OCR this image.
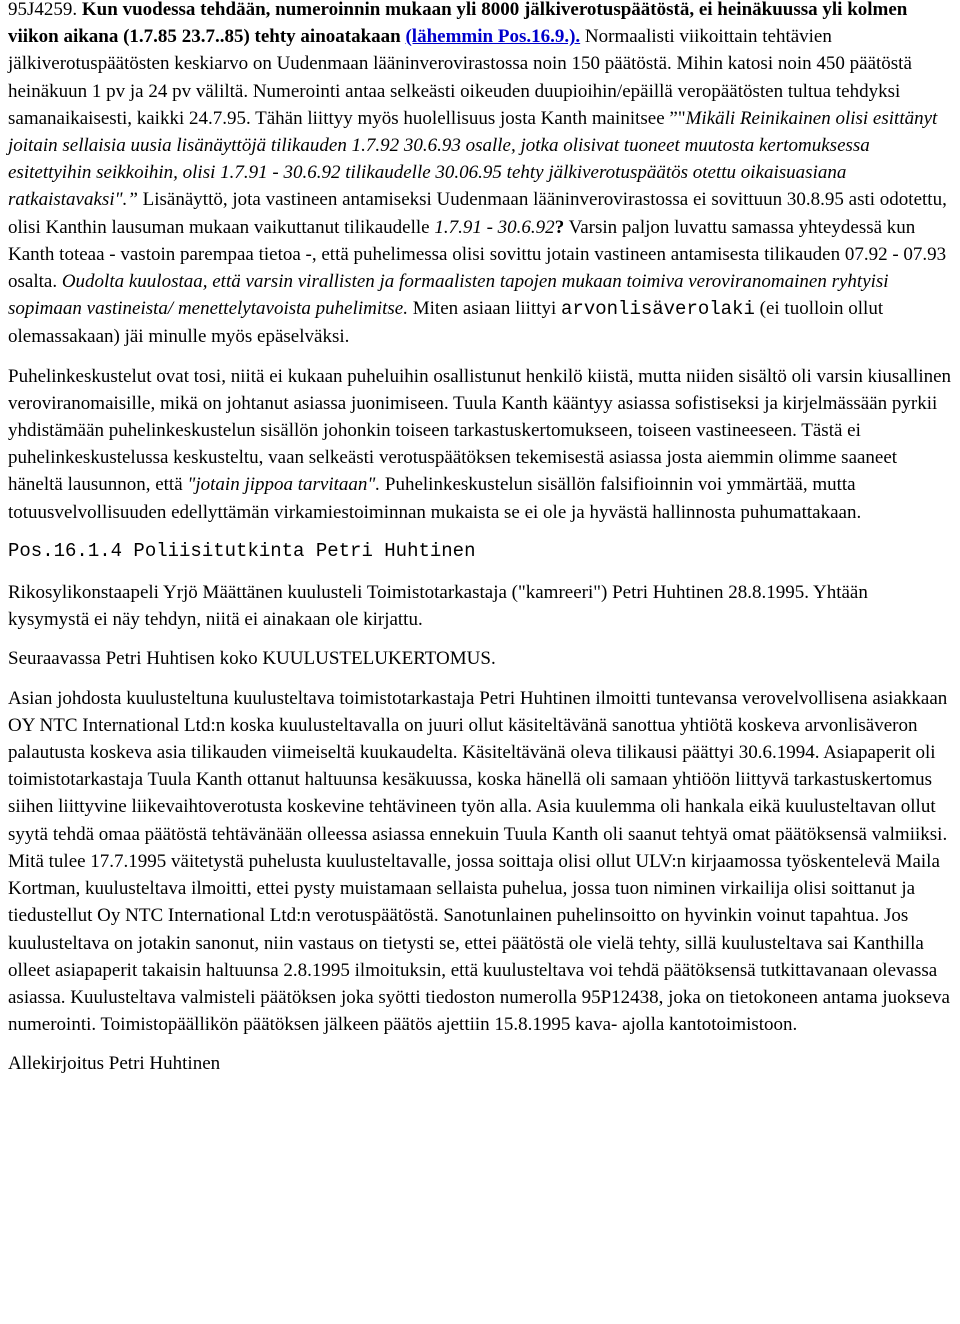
95J4259. Kun vuodessa tehdään, numeroinnin mukaan yli 8000 jälkiverotuspäätöstä, ei heinäkuussa yli kolmen viikon aikana (1.7.85 23.7..85) tehty ainoatakaan (lähemmin Pos.16.9.). Normaalisti viikoittain tehtävien jälkiverotuspäätösten keskiarvo on Uudenmaan lääninverovirastossa noin 150 päätöstä. Mihin katosi noin 450 päätöstä heinäkuun 1 pv ja 24 pv väliltä. Numerointi antaa selkeästi oikeuden duupioihin/epäillä veropäätösten tultua tehdyksi samanaikaisesti, kaikki 24.7.95. Tähän liittyy myös huolellisuus josta Kanth mainitsee ”"Mikäli Reinikainen olisi esittänyt joitain sellaisia uusia lisänäyttöjä tilikauden 1.7.92 30.6.93 osalle, jotka olisivat tuoneet muutosta kertomuksessa esitettyihin seikkoihin, olisi 1.7.91 - 30.6.92 tilikaudelle 30.06.95 tehty jälkiverotuspäätös otettu oikaisuasiana ratkaistavaksi".” Lisänäyttö, jota vastineen antamiseksi Uudenmaan lääninverovirastossa ei sovittuun 30.8.95 asti odotettu, olisi Kanthin lausuman mukaan vaikuttanut tilikaudelle 1.7.91 - 30.6.92? Varsin paljon luvattu samassa yhteydessä kun Kanth toteaa - vastoin parempaa tietoa -, että puhelimessa olisi sovittu jotain vastineen antamisesta tilikauden 07.92 - 07.93 osalta. Oudolta kuulostaa, että varsin virallisten ja formaalisten tapojen mukaan toimiva veroviranomainen ryhtyisi sopimaan vastineista/ menettelytavoista puhelimitse. Miten asiaan liittyi arvonlisäverolaki (ei tuolloin ollut olemassakaan) jäi minulle myös epäselväksi.

Puhelinkeskustelut ovat tosi, niitä ei kukaan puheluihin osallistunut henkilö kiistä, mutta niiden sisältö oli varsin kiusallinen veroviranomaisille, mikä on johtanut asiassa juonimiseen. Tuula Kanth kääntyy asiassa sofistiseksi ja kirjelmässään pyrkii yhdistämään puhelinkeskustelun sisällön johonkin toiseen tarkastuskertomukseen, toiseen vastineeseen. Tästä ei puhelinkeskustelussa keskusteltu, vaan selkeästi verotuspäätöksen tekemisestä asiassa josta aiemmin olimme saaneet häneltä lausunnon, että "jotain jippoa tarvitaan". Puhelinkeskustelun sisällön falsifioinnin voi ymmärtää, mutta totuusvelvollisuuden edellyttämän virkamiestoiminnan mukaista se ei ole ja hyvästä hallinnosta puhumattakaan.

Pos.16.1.4 Poliisitutkinta Petri Huhtinen

Rikosylikonstaapeli Yrjö Määttänen kuulusteli Toimistotarkastaja ("kamreeri") Petri Huhtinen 28.8.1995. Yhtään kysymystä ei näy tehdyn, niitä ei ainakaan ole kirjattu.

Seuraavassa Petri Huhtisen koko KUULUSTELUKERTOMUS.

Asian johdosta kuulusteltuna kuulusteltava toimistotarkastaja Petri Huhtinen ilmoitti tuntevansa verovelvollisena asiakkaan OY NTC International Ltd:n koska kuulusteltavalla on juuri ollut käsiteltävänä sanottua yhtiötä koskeva arvonlisäveron palautusta koskeva asia tilikauden viimeiseltä kuukaudelta. Käsiteltävänä oleva tilikausi päättyi 30.6.1994. Asiapaperit oli toimistotarkastaja Tuula Kanth ottanut haltuunsa kesäkuussa, koska hänellä oli samaan yhtiöön liittyvä tarkastuskertomus siihen liittyvine liikevaihtoverotusta koskevine tehtävineen työn alla. Asia kuulemma oli hankala eikä kuulusteltavan ollut syytä tehdä omaa päätöstä tehtävänään olleessa asiassa ennekuin Tuula Kanth oli saanut tehtyä omat päätöksensä valmiiksi. Mitä tulee 17.7.1995 väitetystä puhelusta kuulusteltavalle, jossa soittaja olisi ollut ULV:n kirjaamossa työskentelevä Maila Kortman, kuulusteltava ilmoitti, ettei pysty muistamaan sellaista puhelua, jossa tuon niminen virkailija olisi soittanut ja tiedustellut Oy NTC International Ltd:n verotuspäätöstä. Sanotunlainen puhelinsoitto on hyvinkin voinut tapahtua. Jos kuulusteltava on jotakin sanonut, niin vastaus on tietysti se, ettei päätöstä ole vielä tehty, sillä kuulusteltava sai Kanthilla olleet asiapaperit takaisin haltuunsa 2.8.1995 ilmoituksin, että kuulusteltava voi tehdä päätöksensä tutkittavanaan olevassa asiassa. Kuulusteltava valmisteli päätöksen joka syötti tiedoston numerolla 95P12438, joka on tietokoneen antama juokseva numerointi. Toimistopäällikön päätöksen jälkeen päätös ajettiin 15.8.1995 kava- ajolla kantotoimistoon.

Allekirjoitus Petri Huhtinen
